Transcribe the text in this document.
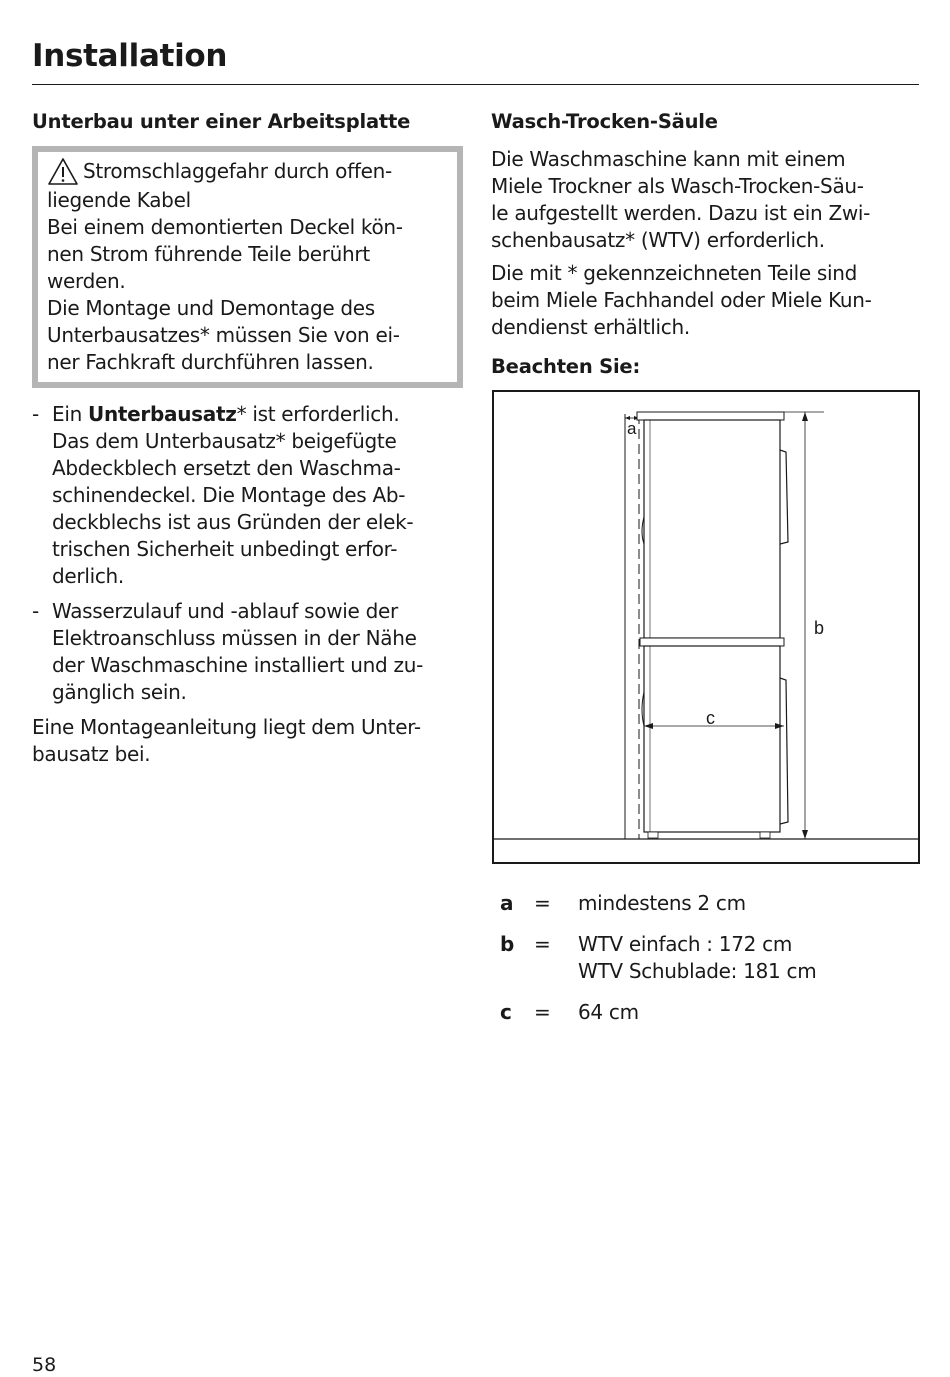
Installation
Unterbau unter einer Arbeitsplatte
Stromschlaggefahr durch offen-
liegende Kabel
Bei einem demontierten Deckel kön-
nen Strom führende Teile berührt
werden.
Die Montage und Demontage des
Unterbausatzes* müssen Sie von ei-
ner Fachkraft durchführen lassen.
- Ein Unterbausatz* ist erforderlich.
Das dem Unterbausatz* beigefügte
Abdeckblech ersetzt den Waschma-
schinendeckel. Die Montage des Ab-
deckblechs ist aus Gründen der elek-
trischen Sicherheit unbedingt erfor-
derlich.
- Wasserzulauf und -ablauf sowie der
Elektroanschluss müssen in der Nähe
der Waschmaschine installiert und zu-
gänglich sein.
Eine Montageanleitung liegt dem Unter-
bausatz bei.
Wasch-Trocken-Säule
Die Waschmaschine kann mit einem
Miele Trockner als Wasch-Trocken-Säu-
le aufgestellt werden. Dazu ist ein Zwi-
schenbausatz* (WTV) erforderlich.
Die mit * gekennzeichneten Teile sind
beim Miele Fachhandel oder Miele Kun-
dendienst erhältlich.
Beachten Sie:
a
b
c
a	=	mindestens 2 cm
b =	WTV einfach : 172 cm
WTV Schublade: 181 cm
c	=	64 cm
58
